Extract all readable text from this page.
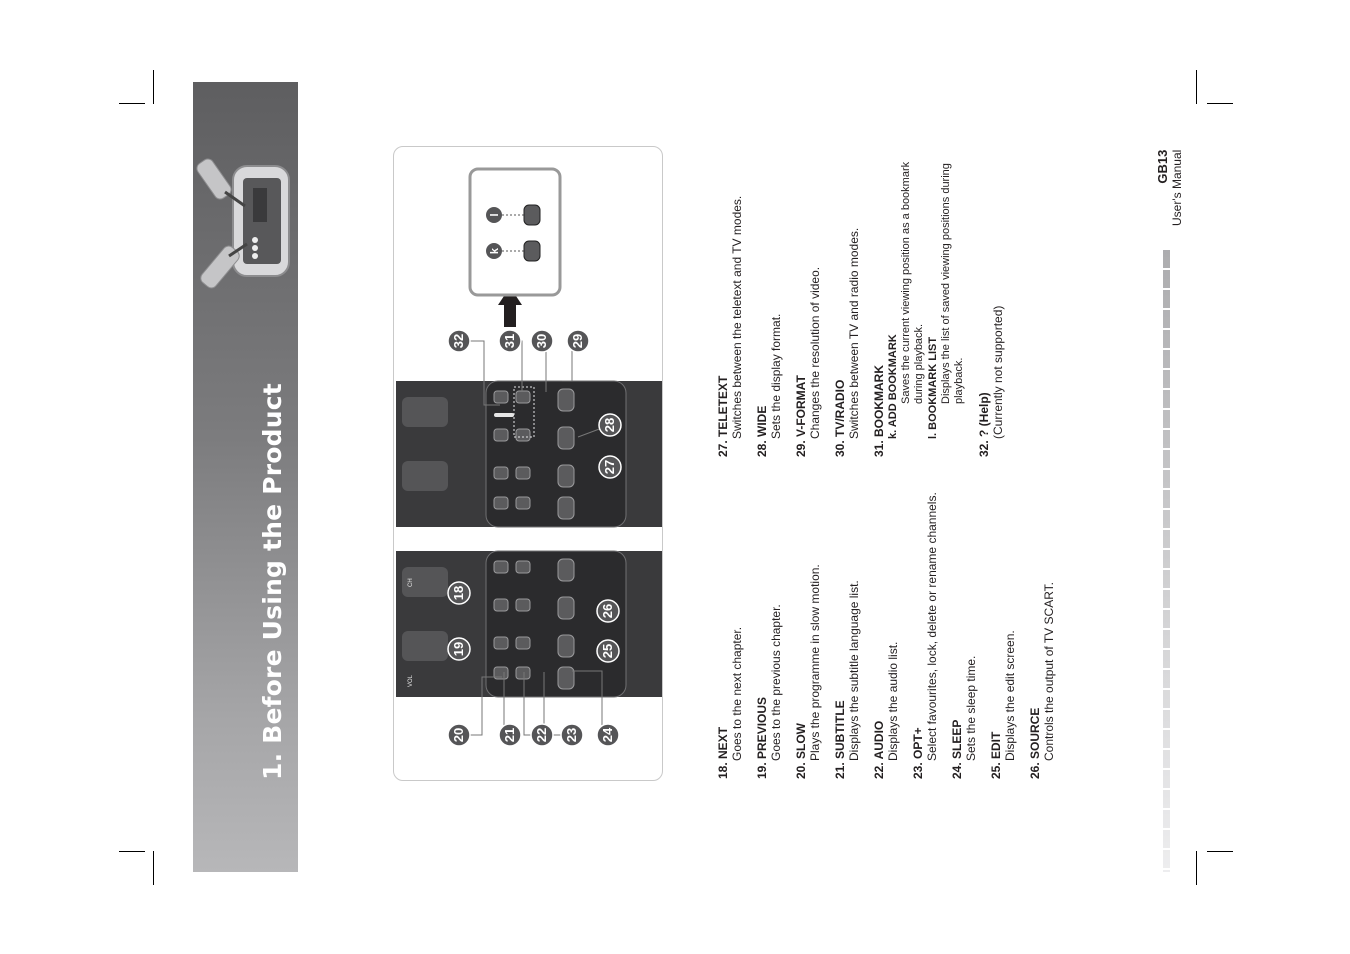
1. Before Using the Product	VOL
CH
20	21 22 23 24
19
18
25
26
27
28
32	31 30 29
k
l
18. NEXT Goes to the next chapter. 19. PREVIOUS Goes to the previous chapter. 20. SLOW Plays the programme in slow motion. 21. SUBTITLE Displays the subtitle language list. 22. AUDIO Displays the audio list. 23. OPT+ Select favourites, lock, delete or rename channels. 24. SLEEP Sets the sleep time. 25. EDIT Displays the edit screen. 26. SOURCE Controls the output of TV SCART.
27. TELETEXT Switches between the teletext and TV modes. 28. WIDE Sets the display format. 29. V-FORMAT Changes the resolution of video. 30. TV/RADIO Switches between TV and radio modes. 31. BOOKMARK k. ADD BOOKMARK Saves the current viewing position as a bookmark during playback. l. BOOKMARK LIST Displays the list of saved viewing positions during playback.
32. ? (Help) (Currently not supported)
GB13 User's Manual
